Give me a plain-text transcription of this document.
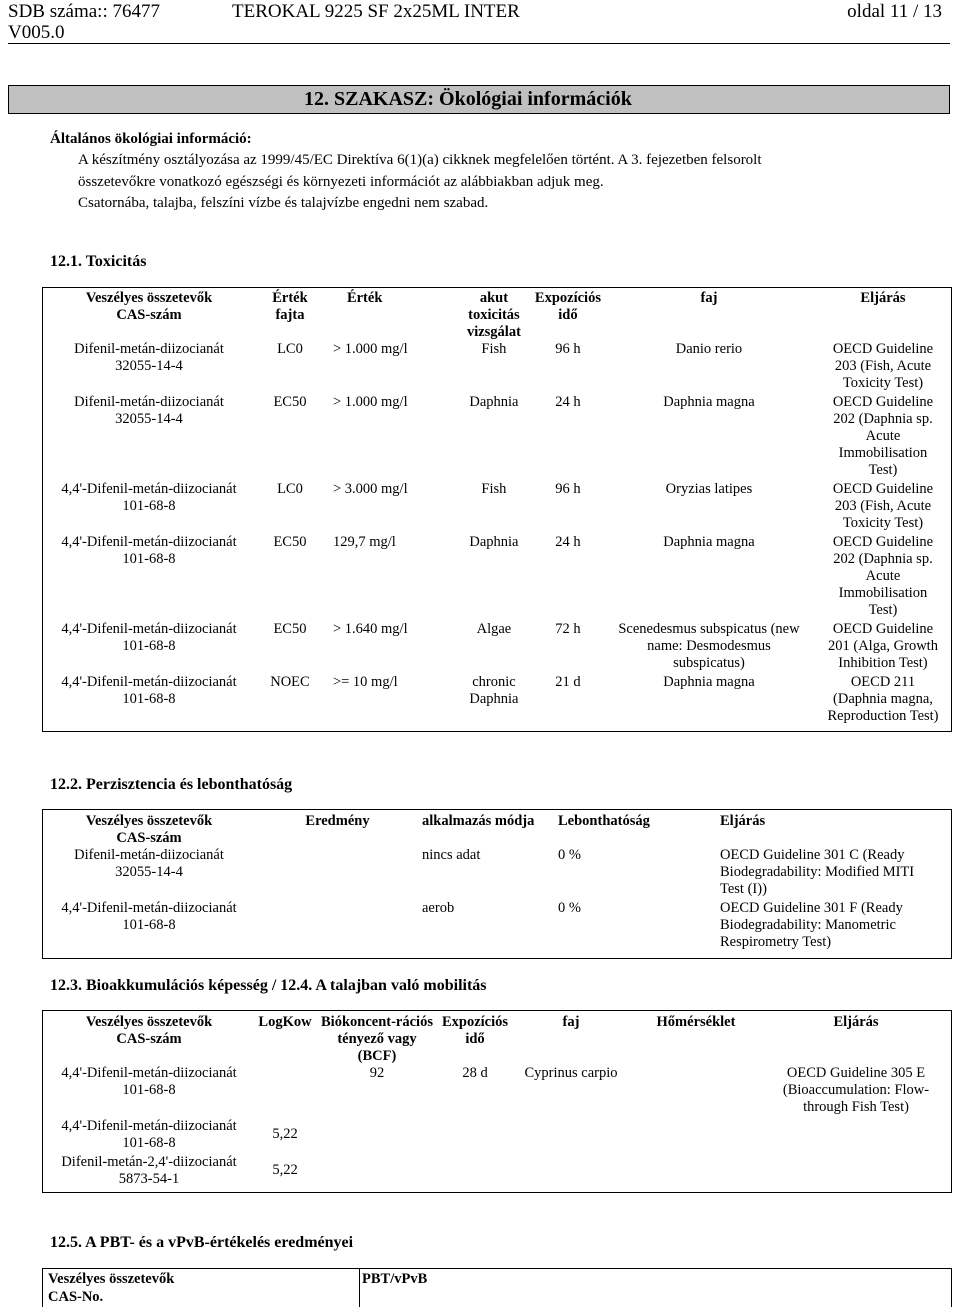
SDB száma:: 76477
V005.0
TEROKAL 9225 SF 2x25ML INTER	oldal 11 / 13
12. SZAKASZ: Ökológiai információk
Általános ökológiai információ:
A készítmény osztályozása az 1999/45/EC Direktíva 6(1)(a) cikknek megfelelően történt. A 3. fejezetben felsorolt
összetevőkre vonatkozó egészségi és környezeti információt az alábbiakban adjuk meg.
Csatornába, talajba, felszíni vízbe és talajvízbe engedni nem szabad.
12.1. Toxicitás
Veszélyes összetevők
CAS-szám	Érték
fajta	Érték	akut
toxicitás
vizsgálat	Expozíciós
idő	faj	Eljárás
Difenil-metán-diizocianát
32055-14-4	LC0	> 1.000 mg/l	Fish	96 h	Danio rerio	OECD Guideline
203 (Fish, Acute
Toxicity Test)
Difenil-metán-diizocianát
32055-14-4	EC50	> 1.000 mg/l	Daphnia	24 h	Daphnia magna	OECD Guideline
202 (Daphnia sp.
Acute
Immobilisation
Test)
4,4'-Difenil-metán-diizocianát
101-68-8	LC0	> 3.000 mg/l	Fish	96 h	Oryzias latipes	OECD Guideline
203 (Fish, Acute
Toxicity Test)
4,4'-Difenil-metán-diizocianát
101-68-8	EC50	129,7 mg/l	Daphnia	24 h	Daphnia magna	OECD Guideline
202 (Daphnia sp.
Acute
Immobilisation
Test)
4,4'-Difenil-metán-diizocianát
101-68-8	EC50	> 1.640 mg/l	Algae	72 h	Scenedesmus subspicatus (new
name: Desmodesmus
subspicatus)	OECD Guideline
201 (Alga, Growth
Inhibition Test)
4,4'-Difenil-metán-diizocianát
101-68-8	NOEC	>= 10 mg/l	chronic
Daphnia	21 d	Daphnia magna	OECD 211
(Daphnia magna,
Reproduction Test)
12.2. Perzisztencia és lebonthatóság
Veszélyes összetevők
CAS-szám	Eredmény	alkalmazás módja	Lebonthatóság	Eljárás
Difenil-metán-diizocianát
32055-14-4		nincs adat	0 %	OECD Guideline 301 C (Ready
Biodegradability: Modified MITI
Test (I))
4,4'-Difenil-metán-diizocianát
101-68-8		aerob	0 %	OECD Guideline 301 F (Ready
Biodegradability: Manometric
Respirometry Test)
12.3. Bioakkumulációs képesség / 12.4. A talajban való mobilitás
Veszélyes összetevők
CAS-szám	LogKow	Biókoncent-rációs
tényező vagy
(BCF)	Expozíciós
idő	faj	Hőmérséklet	Eljárás
4,4'-Difenil-metán-diizocianát
101-68-8		92	28 d	Cyprinus carpio		OECD Guideline 305 E
(Bioaccumulation: Flow-
through Fish Test)
4,4'-Difenil-metán-diizocianát
101-68-8	5,22					
Difenil-metán-2,4'-diizocianát
5873-54-1	5,22					
12.5. A PBT- és a vPvB-értékelés eredményei
Veszélyes összetevők
CAS-No.
PBT/vPvB
